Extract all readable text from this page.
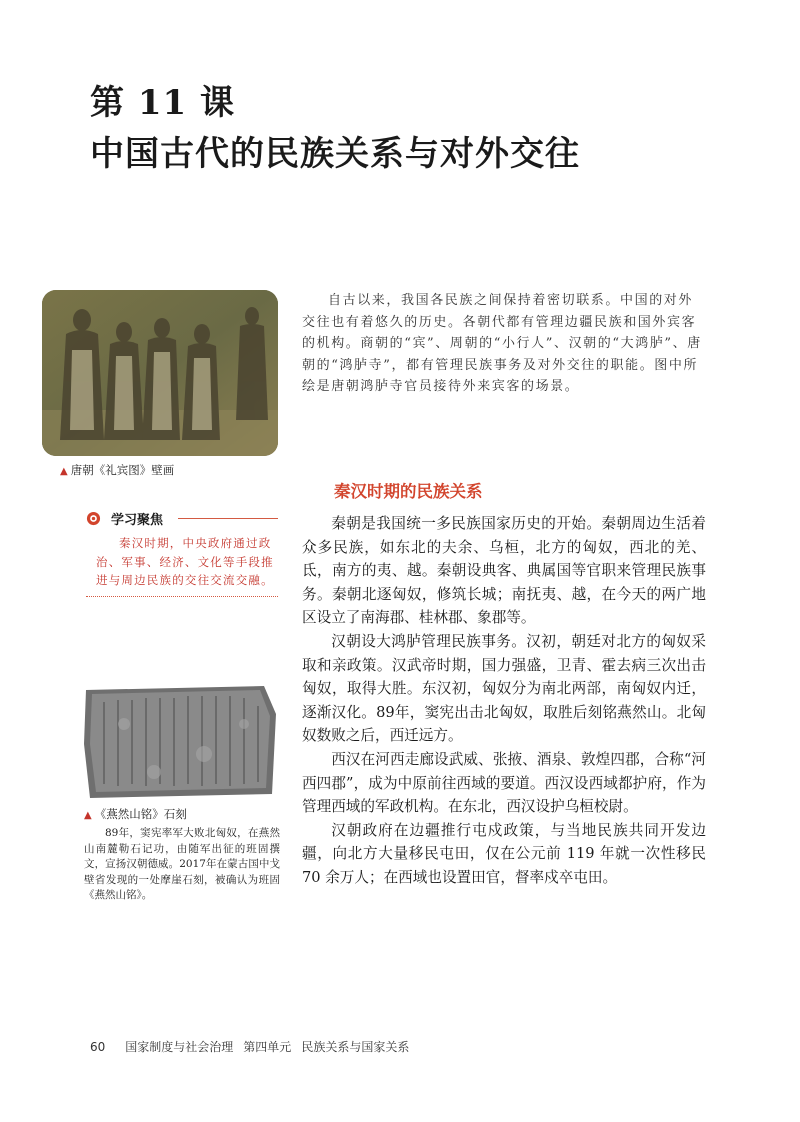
第 11 课
中国古代的民族关系与对外交往
▲ 唐朝《礼宾图》壁画

自古以来，我国各民族之间保持着密切联系。中国的对外交往也有着悠久的历史。各朝代都有管理边疆民族和国外宾客的机构。商朝的“宾”、周朝的“小行人”、汉朝的“大鸿胪”、唐朝的“鸿胪寺”，都有管理民族事务及对外交往的职能。图中所绘是唐朝鸿胪寺官员接待外来宾客的场景。

秦汉时期的民族关系
学习聚焦
秦汉时期，中央政府通过政治、军事、经济、文化等手段推进与周边民族的交往交流交融。

秦朝是我国统一多民族国家历史的开始。秦朝周边生活着众多民族，如东北的夫余、乌桓，北方的匈奴，西北的羌、氐，南方的夷、越。秦朝设典客、典属国等官职来管理民族事务。秦朝北逐匈奴，修筑长城；南抚夷、越，在今天的两广地区设立了南海郡、桂林郡、象郡等。

汉朝设大鸿胪管理民族事务。汉初，朝廷对北方的匈奴采取和亲政策。汉武帝时期，国力强盛，卫青、霍去病三次出击匈奴，取得大胜。东汉初，匈奴分为南北两部，南匈奴内迁，逐渐汉化。89年，窦宪出击北匈奴，取胜后刻铭燕然山。北匈奴数败之后，西迁远方。

西汉在河西走廊设武威、张掖、酒泉、敦煌四郡，合称“河西四郡”，成为中原前往西域的要道。西汉设西域都护府，作为管理西域的军政机构。在东北，西汉设护乌桓校尉。

汉朝政府在边疆推行屯戍政策，与当地民族共同开发边疆，向北方大量移民屯田，仅在公元前 119 年就一次性移民 70 余万人；在西域也设置田官，督率戍卒屯田。

▲ 《燕然山铭》石刻
89年，窦宪率军大败北匈奴，在燕然山南麓勒石记功，由随军出征的班固撰文，宣扬汉朝德威。2017年在蒙古国中戈壁省发现的一处摩崖石刻，被确认为班固《燕然山铭》。
60 国家制度与社会治理 第四单元 民族关系与国家关系
